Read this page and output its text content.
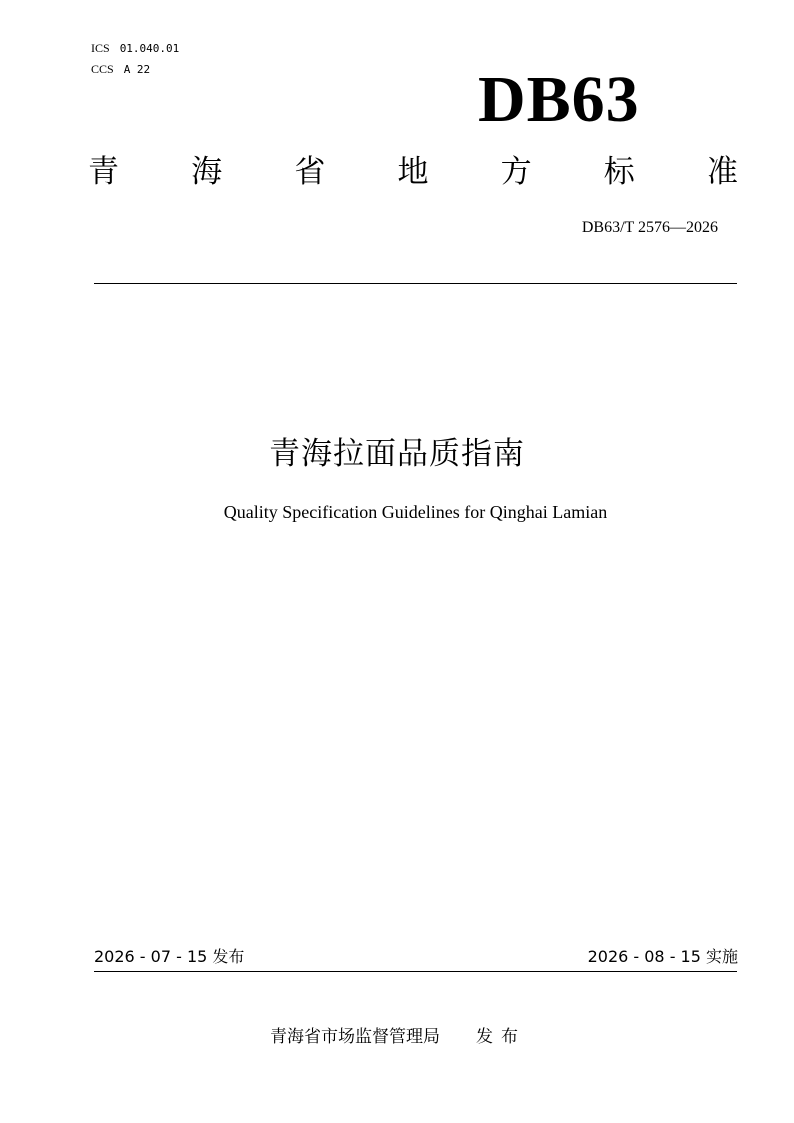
ICS 01.040.01
CCS A 22	DB63
青 海 省 地 方 标 准
DB63/T 2576—2026
青海拉面品质指南
Quality Specification Guidelines for Qinghai Lamian
2026 - 07 - 15 发布	2026 - 08 - 15 实施
青海省市场监督管理局 发布
